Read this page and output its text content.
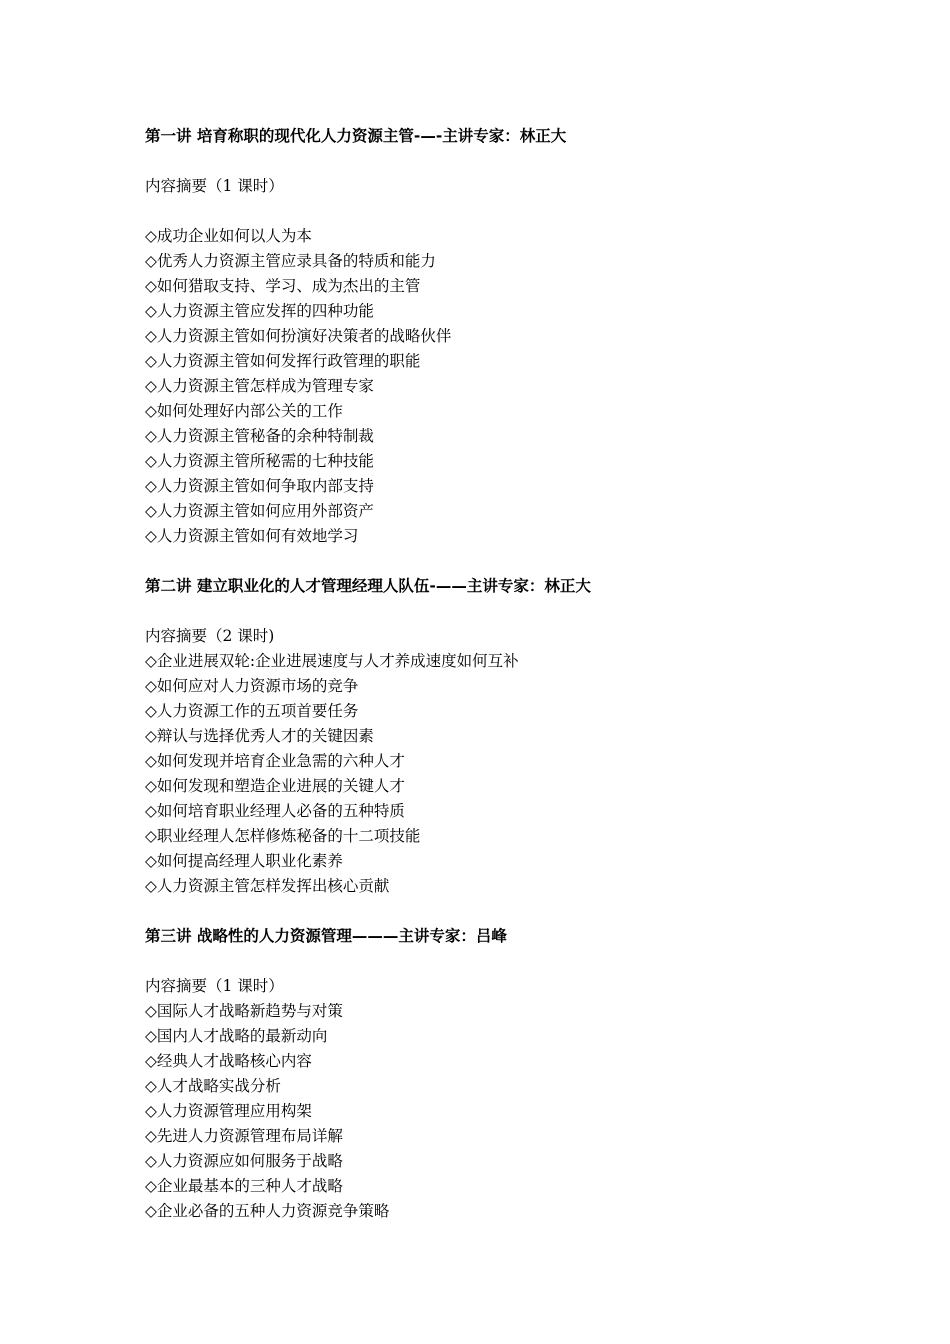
第一讲 培育称职的现代化人力资源主管-—-主讲专家：林正大
内容摘要（1 课时）
◇成功企业如何以人为本
◇优秀人力资源主管应录具备的特质和能力
◇如何猎取支持、学习、成为杰出的主管
◇人力资源主管应发挥的四种功能
◇人力资源主管如何扮演好决策者的战略伙伴
◇人力资源主管如何发挥行政管理的职能
◇人力资源主管怎样成为管理专家
◇如何处理好内部公关的工作
◇人力资源主管秘备的余种特制裁
◇人力资源主管所秘需的七种技能
◇人力资源主管如何争取内部支持
◇人力资源主管如何应用外部资产
◇人力资源主管如何有效地学习
第二讲 建立职业化的人才管理经理人队伍-——主讲专家：林正大
内容摘要（2 课时)
◇企业进展双轮:企业进展速度与人才养成速度如何互补
◇如何应对人力资源市场的竞争
◇人力资源工作的五项首要任务
◇辩认与选择优秀人才的关键因素
◇如何发现并培育企业急需的六种人才
◇如何发现和塑造企业进展的关键人才
◇如何培育职业经理人必备的五种特质
◇职业经理人怎样修炼秘备的十二项技能
◇如何提高经理人职业化素养
◇人力资源主管怎样发挥出核心贡献
第三讲 战略性的人力资源管理———主讲专家：吕峰
内容摘要（1 课时）
◇国际人才战略新趋势与对策
◇国内人才战略的最新动向
◇经典人才战略核心内容
◇人才战略实战分析
◇人力资源管理应用构架
◇先进人力资源管理布局详解
◇人力资源应如何服务于战略
◇企业最基本的三种人才战略
◇企业必备的五种人力资源竞争策略
